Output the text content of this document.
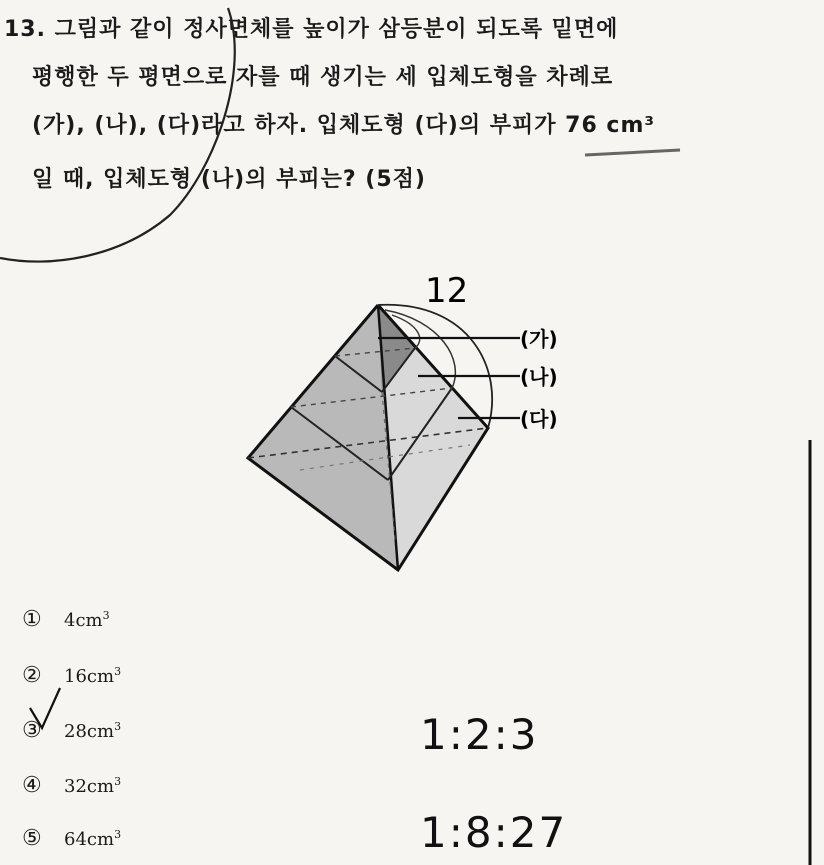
13. 그림과 같이 정사면체를 높이가 삼등분이 되도록 밑면에
평행한 두 평면으로 자를 때 생기는 세 입체도형을 차례로
(가), (나), (다)라고 하자. 입체도형 (다)의 부피가 76 cm³
일 때, 입체도형 (나)의 부피는? (5점)
12
(가)
(나)
(다)
①	$4cm^3$
②	$16cm^3$
③	$28cm^3$
④	$32cm^3$
⑤	$64cm^3$
1:2:3
1:8:27
